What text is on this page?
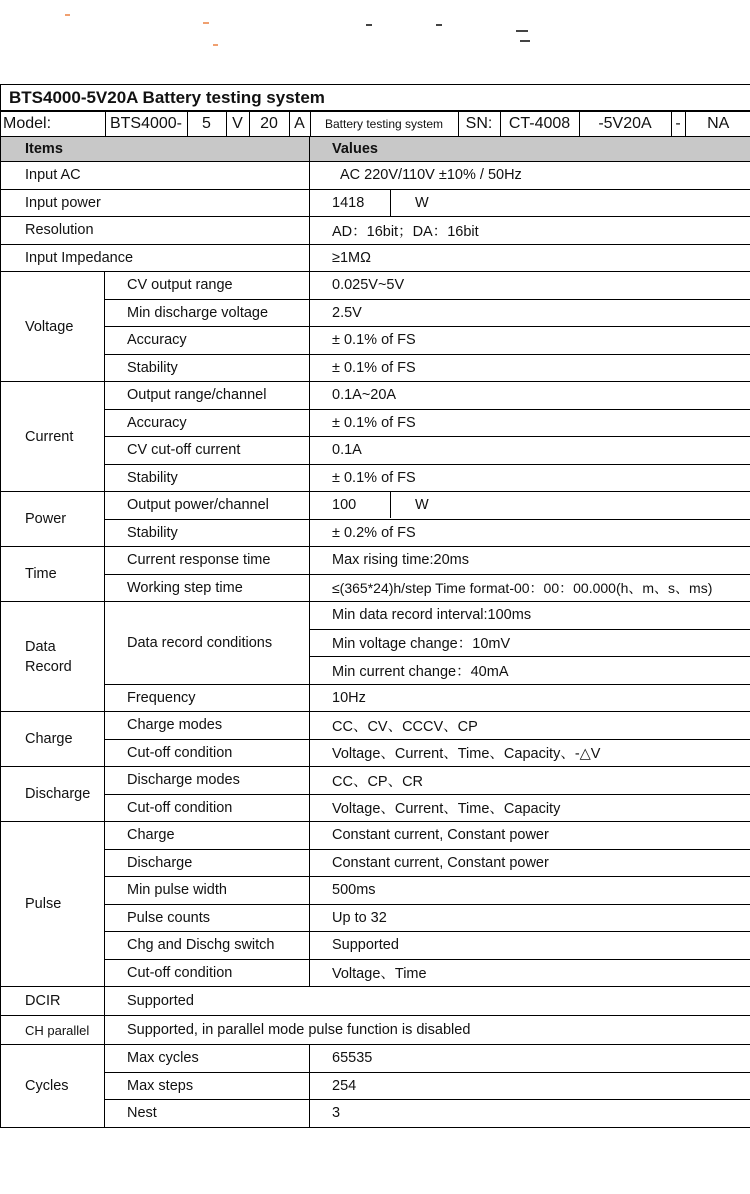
BTS4000-5V20A Battery testing system

Model:	BTS4000-	5	V	20	A	Battery testing system	SN:	CT-4008	-5V20A	-	NA

Items	Values
Input AC	AC 220V/110V ±10% / 50Hz
Input power	1418	W

Resolution	AD：16bit；DA：16bit
Input Impedance	≥1MΩ
Voltage	CV output range	0.025V~5V
Min discharge voltage	2.5V
Accuracy	± 0.1% of FS
Stability	± 0.1% of FS
Current	Output range/channel	0.1A~20A
Accuracy	± 0.1% of FS
CV cut-off current	0.1A
Stability	± 0.1% of FS
Power	Output power/channel	100	W

Stability	± 0.2% of FS
Time	Current response time	Max rising time:20ms
Working step time	≤(365*24)h/step Time format-00：00：00.000(h、m、s、ms)
Data Record	Data record conditions	Min data record interval:100ms
Min voltage change：10mV
Min current change：40mA
Frequency	10Hz
Charge	Charge modes	CC、CV、CCCV、CP
Cut-off condition	Voltage、Current、Time、Capacity、-△V
Discharge	Discharge modes	CC、CP、CR
Cut-off condition	Voltage、Current、Time、Capacity
Pulse	Charge	Constant current, Constant power
Discharge	Constant current, Constant power
Min pulse width	500ms
Pulse counts	Up to 32
Chg and Dischg switch	Supported
Cut-off condition	Voltage、Time
DCIR	Supported
CH parallel	Supported, in parallel mode pulse function is disabled
Cycles	Max cycles	65535
Max steps	254
Nest	3
